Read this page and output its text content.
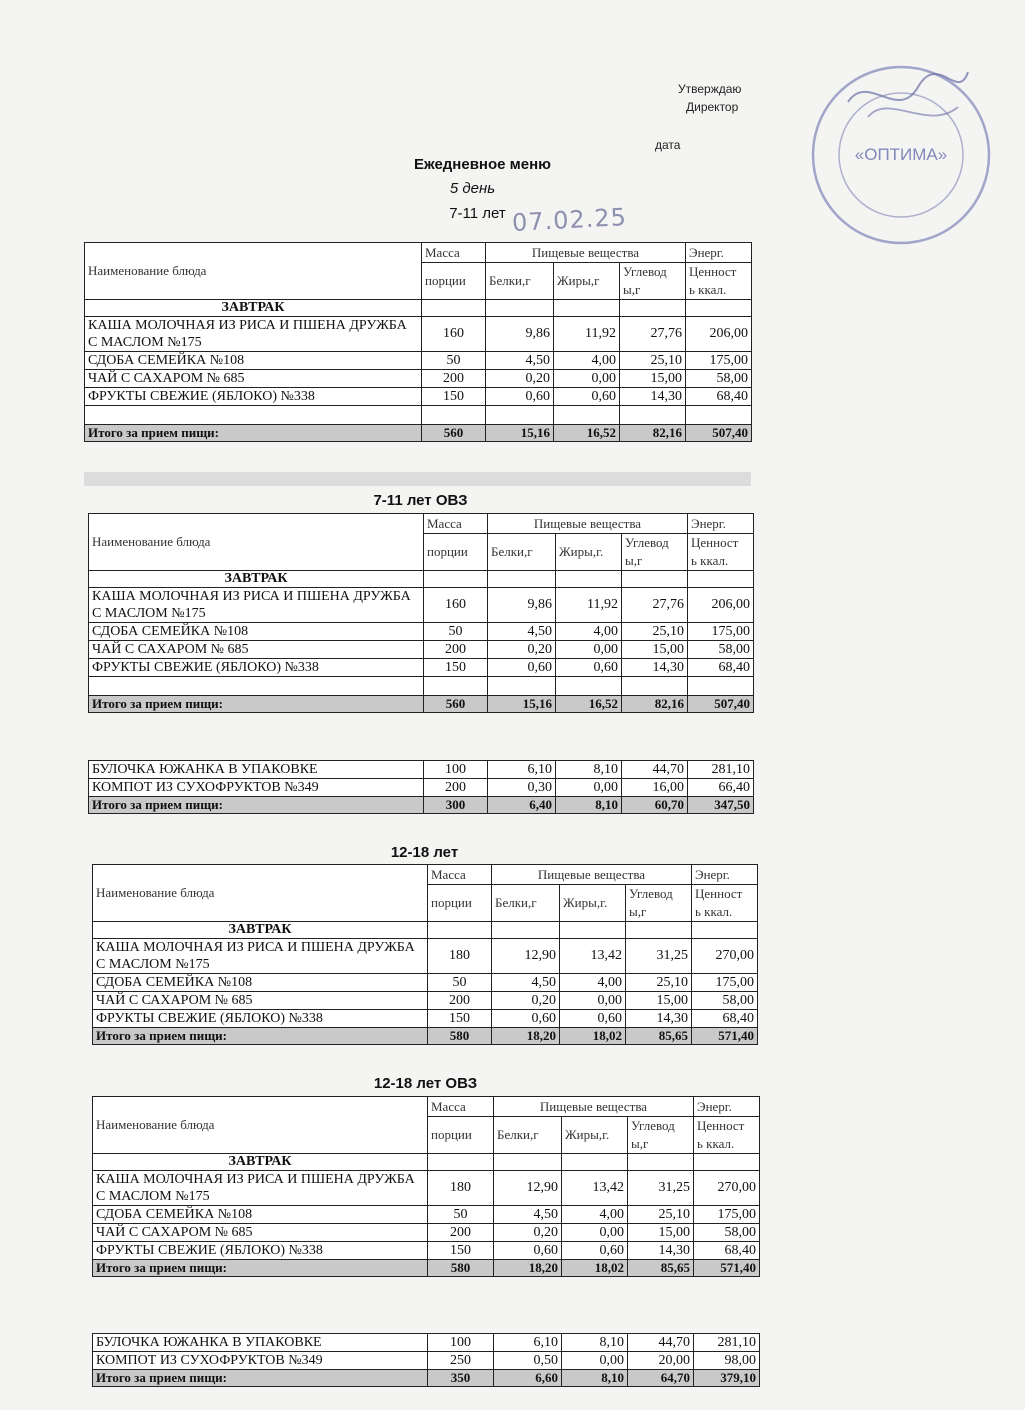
Утверждаю
Директор
дата	«ОПТИМА»
07.02.25
Ежедневное меню
5 день
7-11 лет
Наименование блюда	Масса	Пищевые вещества			Энерг.
	порции	Белки,г	Жиры,г	Углевод
ы,г	Ценност
ь ккал.
ЗАВТРАК					
КАША МОЛОЧНАЯ ИЗ РИСА И ПШЕНА ДРУЖБА С МАСЛОМ №175	160	9,86	11,92	27,76	206,00
СДОБА СЕМЕЙКА №108	50	4,50	4,00	25,10	175,00
ЧАЙ С САХАРОМ № 685	200	0,20	0,00	15,00	58,00
ФРУКТЫ СВЕЖИЕ (ЯБЛОКО) №338	150	0,60	0,60	14,30	68,40

Итого за прием пищи:	560	15,16	16,52	82,16	507,40
7-11 лет ОВЗ
Наименование блюда	Масса	Пищевые вещества			Энерг.
	порции	Белки,г	Жиры,г.	Углевод
ы,г	Ценност
ь ккал.
ЗАВТРАК					
КАША МОЛОЧНАЯ ИЗ РИСА И ПШЕНА ДРУЖБА С МАСЛОМ №175	160	9,86	11,92	27,76	206,00
СДОБА СЕМЕЙКА №108	50	4,50	4,00	25,10	175,00
ЧАЙ С САХАРОМ № 685	200	0,20	0,00	15,00	58,00
ФРУКТЫ СВЕЖИЕ (ЯБЛОКО) №338	150	0,60	0,60	14,30	68,40

Итого за прием пищи:	560	15,16	16,52	82,16	507,40
БУЛОЧКА ЮЖАНКА В УПАКОВКЕ	100	6,10	8,10	44,70	281,10
КОМПОТ ИЗ СУХОФРУКТОВ №349	200	0,30	0,00	16,00	66,40
Итого за прием пищи:	300	6,40	8,10	60,70	347,50
12-18 лет
Наименование блюда	Масса	Пищевые вещества			Энерг.
	порции	Белки,г	Жиры,г.	Углевод
ы,г	Ценност
ь ккал.
ЗАВТРАК					
КАША МОЛОЧНАЯ ИЗ РИСА И ПШЕНА ДРУЖБА С МАСЛОМ №175	180	12,90	13,42	31,25	270,00
СДОБА СЕМЕЙКА №108	50	4,50	4,00	25,10	175,00
ЧАЙ С САХАРОМ № 685	200	0,20	0,00	15,00	58,00
ФРУКТЫ СВЕЖИЕ (ЯБЛОКО) №338	150	0,60	0,60	14,30	68,40
Итого за прием пищи:	580	18,20	18,02	85,65	571,40
12-18 лет ОВЗ
Наименование блюда	Масса	Пищевые вещества			Энерг.
	порции	Белки,г	Жиры,г.	Углевод
ы,г	Ценност
ь ккал.
ЗАВТРАК					
КАША МОЛОЧНАЯ ИЗ РИСА И ПШЕНА ДРУЖБА С МАСЛОМ №175	180	12,90	13,42	31,25	270,00
СДОБА СЕМЕЙКА №108	50	4,50	4,00	25,10	175,00
ЧАЙ С САХАРОМ № 685	200	0,20	0,00	15,00	58,00
ФРУКТЫ СВЕЖИЕ (ЯБЛОКО) №338	150	0,60	0,60	14,30	68,40
Итого за прием пищи:	580	18,20	18,02	85,65	571,40
БУЛОЧКА ЮЖАНКА В УПАКОВКЕ	100	6,10	8,10	44,70	281,10
КОМПОТ ИЗ СУХОФРУКТОВ №349	250	0,50	0,00	20,00	98,00
Итого за прием пищи:	350	6,60	8,10	64,70	379,10
